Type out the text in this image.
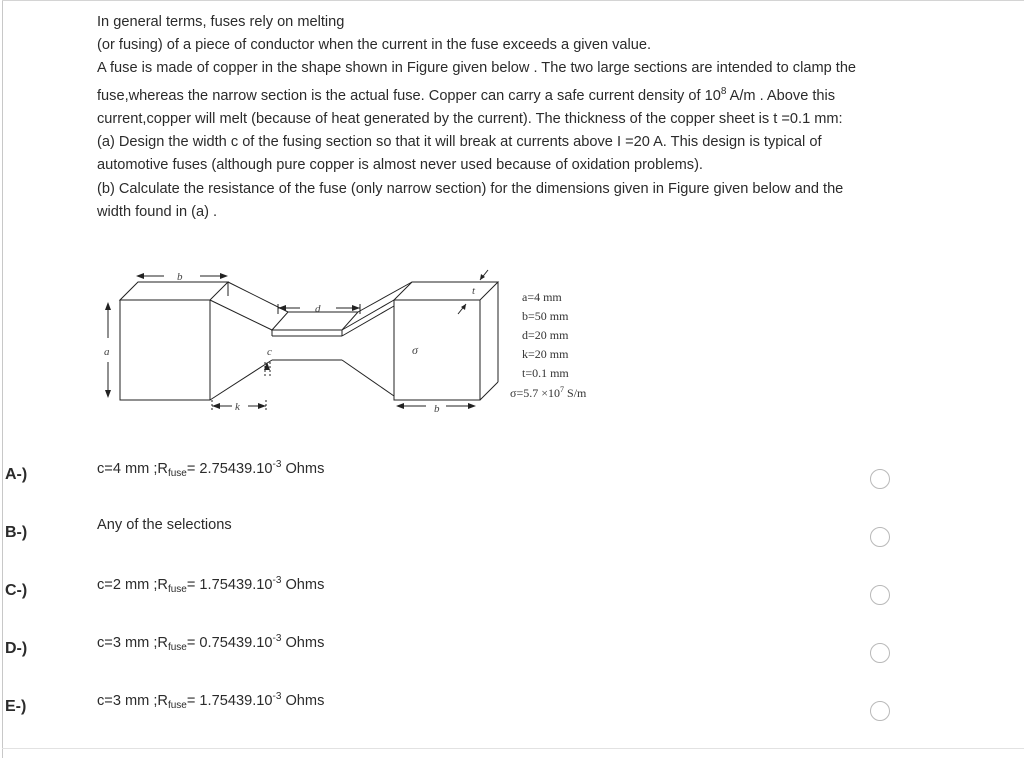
In general terms, fuses rely on melting

(or fusing) of a piece of conductor when the current in the fuse exceeds a given value.

A fuse is made of copper in the shape shown in Figure given below . The two large sections are intended to clamp the fuse,whereas the narrow section is the actual fuse. Copper can carry a safe current density of $10^8$ A/m . Above this current,copper will melt (because of heat generated by the current). The thickness of the copper sheet is t =0.1 mm:

(a) Design the width c of the fusing section so that it will break at currents above I =20 A. This design is typical of

automotive fuses (although pure copper is almost never used because of oxidation problems).

(b) Calculate the resistance of the fuse (only narrow section) for the dimensions given in Figure given below and the width found in (a) .

a
b
d
c
k
t
σ
b
a=4 mm
b=50 mm
d=20 mm
k=20 mm
t=0.1 mm
$\sigma=5.7 \times 10^7$ S/m
A-)	c=4 mm $;R_{fuse}= 2.75439.10^{-3}$ Ohms
B-)	Any of the selections
C-)	c=2 mm $;R_{fuse}= 1.75439.10^{-3}$ Ohms
D-)	c=3 mm $;R_{fuse}= 0.75439.10^{-3}$ Ohms
E-)	c=3 mm $;R_{fuse}= 1.75439.10^{-3}$ Ohms
